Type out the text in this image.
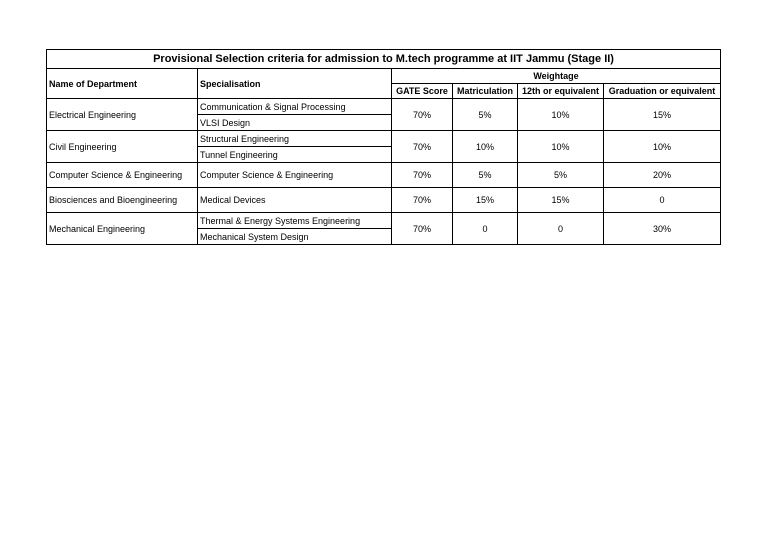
Provisional Selection criteria for admission to M.tech programme at IIT Jammu (Stage II)					
Name of Department	Specialisation	Weightage			
		GATE Score	Matriculation	12th or equivalent	Graduation or equivalent
Electrical Engineering	Communication & Signal Processing	70%	5%	10%	15%
	VLSI Design				
Civil Engineering	Structural Engineering	70%	10%	10%	10%
	Tunnel Engineering				
Computer Science & Engineering	Computer Science & Engineering	70%	5%	5%	20%
Biosciences and Bioengineering	Medical Devices	70%	15%	15%	0
Mechanical Engineering	Thermal & Energy Systems Engineering	70%	0	0	30%
	Mechanical System Design				
